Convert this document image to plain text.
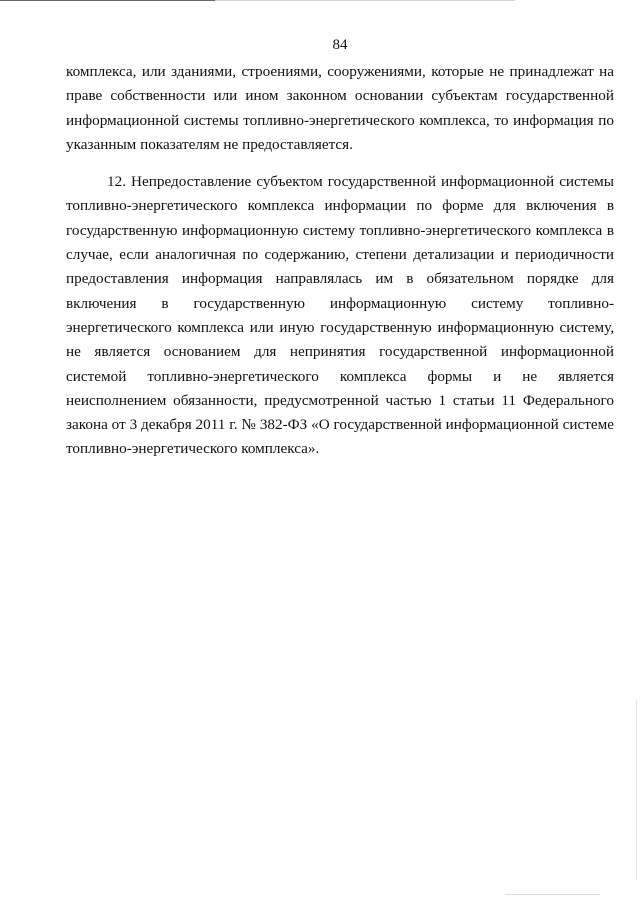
84

комплекса, или зданиями, строениями, сооружениями, которые не принадлежат на праве собственности или ином законном основании субъектам государственной информационной системы топливно-энергетического комплекса, то информация по указанным показателям не предоставляется.

12. Непредоставление субъектом государственной информационной системы топливно-энергетического комплекса информации по форме для включения в государственную информационную систему топливно-энергетического комплекса в случае, если аналогичная по содержанию, степени детализации и периодичности предоставления информация направлялась им в обязательном порядке для включения в государственную информационную систему топливно-энергетического комплекса или иную государственную информационную систему, не является основанием для непринятия государственной информационной системой топливно-энергетического комплекса формы и не является неисполнением обязанности, предусмотренной частью 1 статьи 11 Федерального закона от 3 декабря 2011 г. № 382-ФЗ «О государственной информационной системе топливно-энергетического комплекса».
